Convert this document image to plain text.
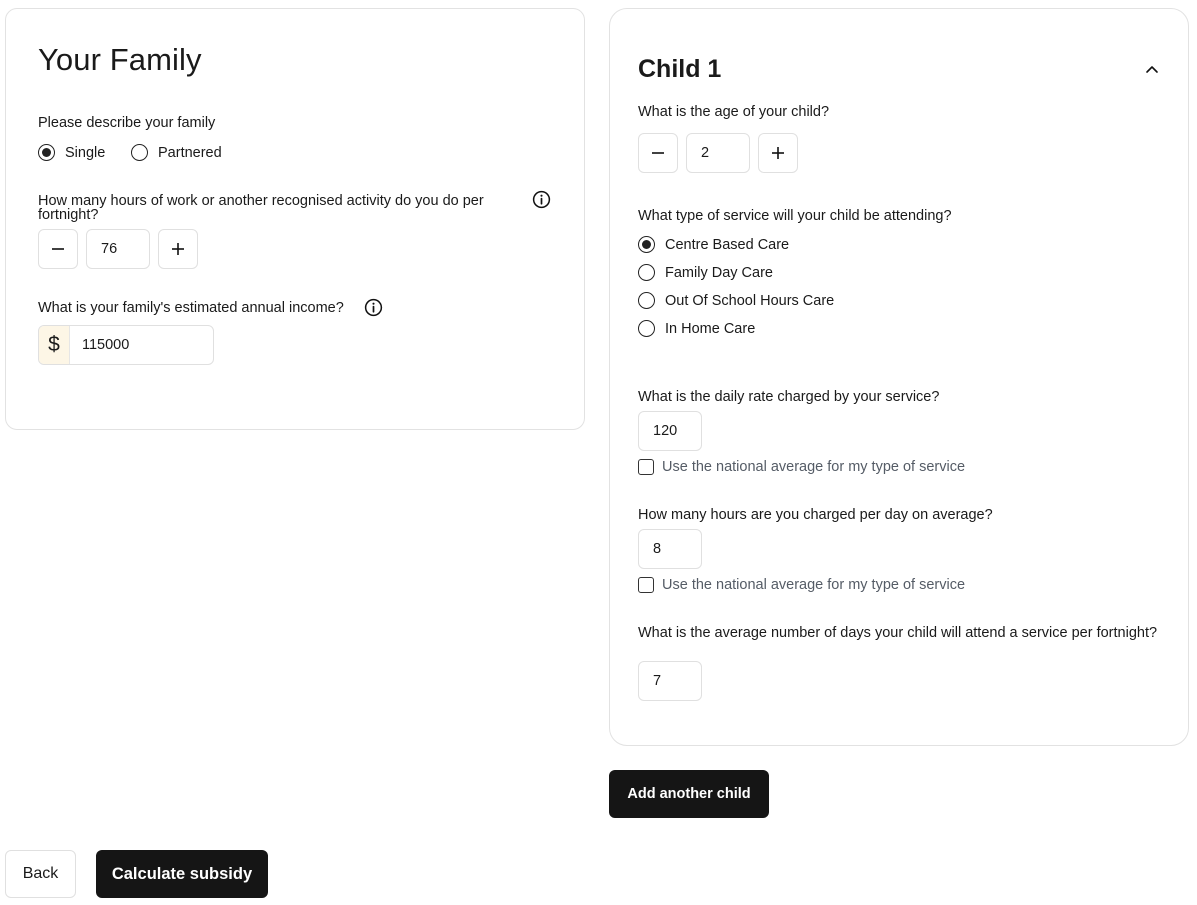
Your Family
Please describe your family
Single	Partnered
How many hours of work or another recognised activity do you do per fortnight?
76
What is your family's estimated annual income?
$	115000
Child 1
What is the age of your child?
2
What type of service will your child be attending?
Centre Based Care
Family Day Care
Out Of School Hours Care
In Home Care
What is the daily rate charged by your service?
120
Use the national average for my type of service
How many hours are you charged per day on average?
8
Use the national average for my type of service
What is the average number of days your child will attend a service per fortnight?
7
Add another child
Back	Calculate subsidy
